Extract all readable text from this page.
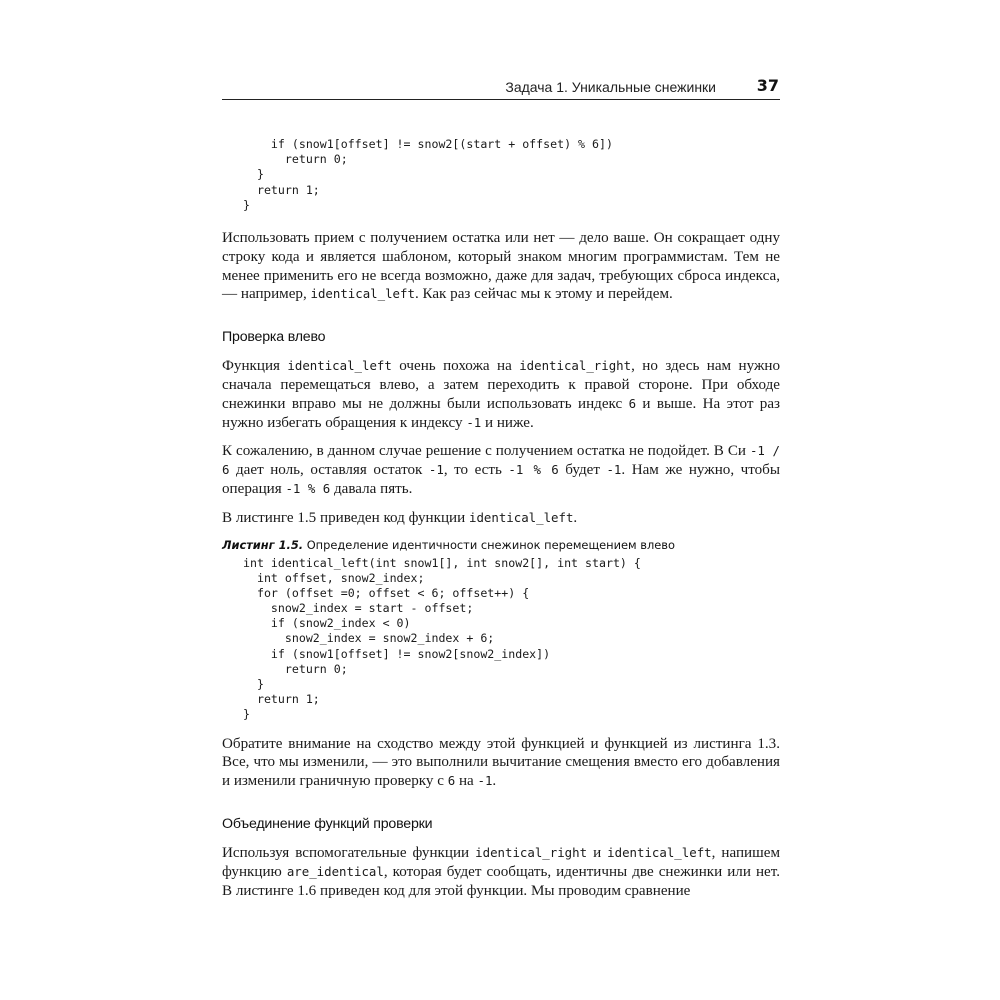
Задача 1. Уникальные снежинки	37
if (snow1[offset] != snow2[(start + offset) % 6])
return 0;
}
return 1;
}

Использовать прием с получением остатка или нет — дело ваше. Он сокращает одну строку кода и является шаблоном, который знаком многим программистам. Тем не менее применить его не всегда возможно, даже для задач, требующих сброса индекса, — например, identical_left. Как раз сейчас мы к этому и перейдем.

Проверка влево

Функция identical_left очень похожа на identical_right, но здесь нам нужно сначала перемещаться влево, а затем переходить к правой стороне. При обходе снежинки вправо мы не должны были использовать индекс 6 и выше. На этот раз нужно избегать обращения к индексу -1 и ниже.

К сожалению, в данном случае решение с получением остатка не подойдет. В Си -1 / 6 дает ноль, оставляя остаток -1, то есть -1 % 6 будет -1. Нам же нужно, чтобы операция -1 % 6 давала пять.

В листинге 1.5 приведен код функции identical_left.

Листинг 1.5. Определение идентичности снежинок перемещением влево

int identical_left(int snow1[], int snow2[], int start) {
int offset, snow2_index;
for (offset =0; offset < 6; offset++) {
snow2_index = start - offset;
if (snow2_index < 0)
snow2_index = snow2_index + 6;
if (snow1[offset] != snow2[snow2_index])
return 0;
}
return 1;
}

Обратите внимание на сходство между этой функцией и функцией из листинга 1.3. Все, что мы изменили, — это выполнили вычитание смещения вместо его добавления и изменили граничную проверку с 6 на -1.

Объединение функций проверки

Используя вспомогательные функции identical_right и identical_left, напишем функцию are_identical, которая будет сообщать, идентичны две снежинки или нет. В листинге 1.6 приведен код для этой функции. Мы проводим сравнение
